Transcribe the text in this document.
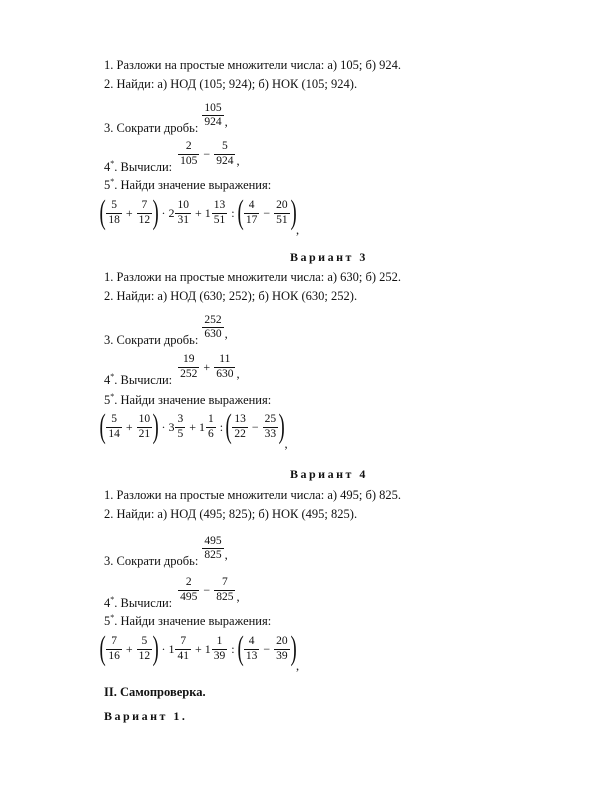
1. Разложи на простые множители числа: а) 105; б) 924.
2. Найди: а) НОД (105; 924); б) НОК (105; 924).
3. Сократи дробь: $\frac{105}{924}$ ,
4*. Вычисли: $\frac{2}{105} - \frac{5}{924}$ ,
5*. Найди значение выражения:
( $\frac{5}{18} + \frac{7}{12}$ ) · $2 \frac{10}{31} + 1 \frac{13}{51}$ : ( $\frac{4}{17} - \frac{20}{51}$ ) ,
Вариант 3
1. Разложи на простые множители числа: а) 630; б) 252.
2. Найди: а) НОД (630; 252); б) НОК (630; 252).
3. Сократи дробь: $\frac{252}{630}$ ,
4*. Вычисли: $\frac{19}{252} + \frac{11}{630}$ ,
5*. Найди значение выражения:
( $\frac{5}{14} + \frac{10}{21}$ ) · $3 \frac{3}{5} + 1 \frac{1}{6}$ : ( $\frac{13}{22} - \frac{25}{33}$ ) ,
Вариант 4
1. Разложи на простые множители числа: а) 495; б) 825.
2. Найди: а) НОД (495; 825); б) НОК (495; 825).
3. Сократи дробь: $\frac{495}{825}$ ,
4*. Вычисли: $\frac{2}{495} - \frac{7}{825}$ ,
5*. Найди значение выражения:
( $\frac{7}{16} + \frac{5}{12}$ ) · $1 \frac{7}{41} + 1 \frac{1}{39}$ : ( $\frac{4}{13} - \frac{20}{39}$ ) ,
II. Самопроверка.
Вариант 1.
